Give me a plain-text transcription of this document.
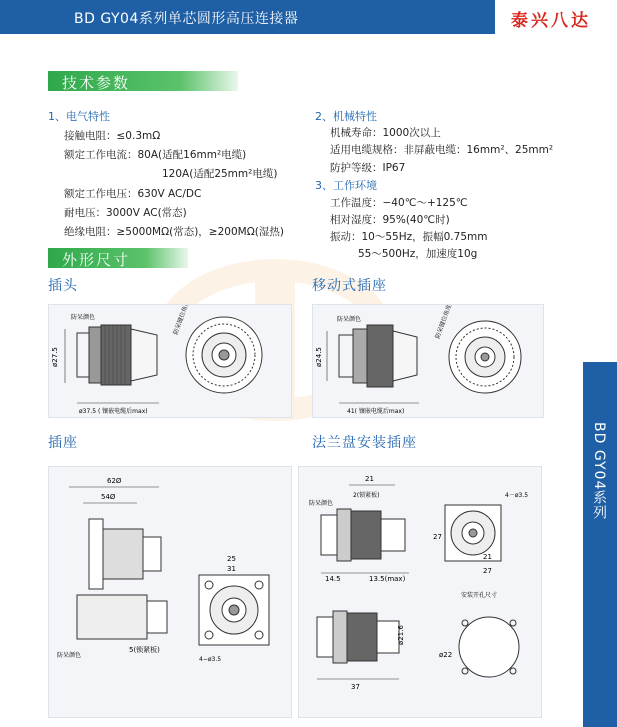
BD GY04系列单芯圆形高压连接器	泰兴八达
技术参数
1、电气特性
接触电阻：≤0.3mΩ
额定工作电流：80A(适配16mm²电缆)
120A(适配25mm²电缆)
额定工作电压：630V AC/DC
耐电压：3000V AC(常态)
绝缘电阻：≥5000MΩ(常态)，≥200MΩ(湿热)
2、机械特性
机械寿命：1000次以上
适用电缆规格：非屏蔽电缆：16mm²、25mm²
防护等级：IP67
3、工作环境
工作温度：−40℃～+125℃
相对湿度：95%(40℃时)
振动：10～55Hz，振幅0.75mm
55～500Hz，加速度10g
外形尺寸
插头	移动式插座
插座	法兰盘安装插座
ø27.5
ø37.5 ( 镶嵌电缆后max)
防呆颜色	防呆键位角度
ø24.5
41( 镶嵌电缆后max)
防呆颜色	防呆键位角度
62Ø
54Ø
5(锁紧板)
防呆颜色
31
25
4−ø3.5
21
2(锁紧板)
防呆颜色
14.5	13.5(max)
4－ø3.5
27
21
27
ø21.6
37
安装开孔尺寸
ø22
BD GY04系列
